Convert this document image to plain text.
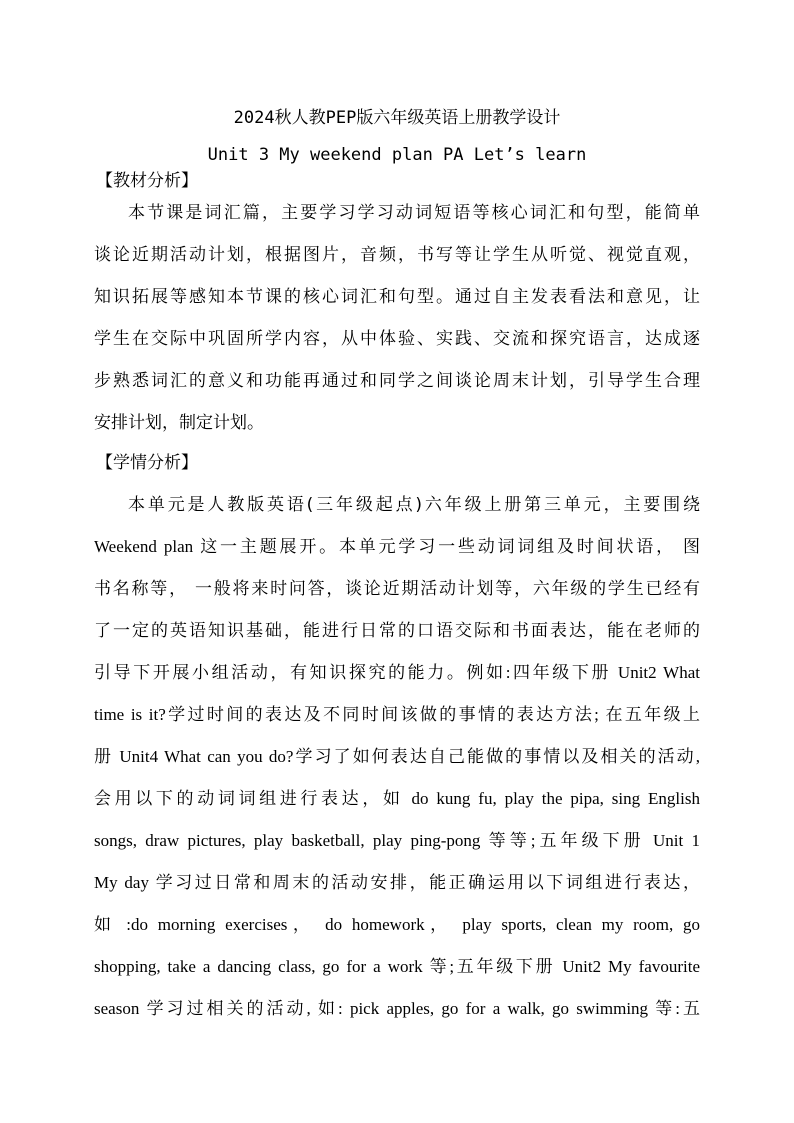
2024秋人教PEP版六年级英语上册教学设计
Unit 3 My weekend plan PA Let’s learn
【教材分析】
本节课是词汇篇，主要学习学习动词短语等核心词汇和句型，能简单
谈论近期活动计划，根据图片，音频，书写等让学生从听觉、视觉直观，
知识拓展等感知本节课的核心词汇和句型。通过自主发表看法和意见，让
学生在交际中巩固所学内容，从中体验、实践、交流和探究语言，达成逐
步熟悉词汇的意义和功能再通过和同学之间谈论周末计划，引导学生合理
安排计划，制定计划。
【学情分析】
本单元是人教版英语(三年级起点)六年级上册第三单元，主要围绕
Weekend plan 这一主题展开。本单元学习一些动词词组及时间状语， 图
书名称等， 一般将来时问答，谈论近期活动计划等，六年级的学生已经有
了一定的英语知识基础，能进行日常的口语交际和书面表达，能在老师的
引导下开展小组活动，有知识探究的能力。例如:四年级下册 Unit2 What
time is it?学过时间的表达及不同时间该做的事情的表达方法; 在五年级上
册 Unit4 What can you do?学习了如何表达自己能做的事情以及相关的活动,
会用以下的动词词组进行表达，如 do kung fu, play the pipa, sing English
songs, draw pictures, play basketball, play ping-pong 等等;五年级下册 Unit 1
My day 学习过日常和周末的活动安排，能正确运用以下词组进行表达，
如 :do morning exercises， do homework， play sports, clean my room, go
shopping, take a dancing class, go for a work 等;五年级下册 Unit2 My favourite
season 学习过相关的活动, 如: pick apples, go for a walk, go swimming 等:五
